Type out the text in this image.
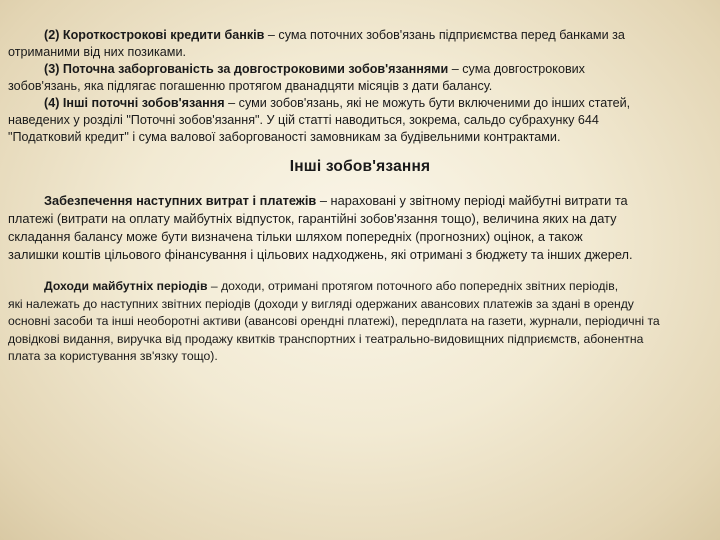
(2) Короткострокові кредити банків – сума поточних зобов'язань підприємства перед банками за

отриманими від них позиками.

(3) Поточна заборгованість за довгостроковими зобов'язаннями – сума довгострокових

зобов'язань, яка підлягає погашенню протягом дванадцяти місяців з дати балансу.

(4) Інші поточні зобов'язання – суми зобов'язань, які не можуть бути включеними до інших статей,

наведених у розділі "Поточні зобов'язання". У цій статті наводиться, зокрема, сальдо субрахунку 644

"Податковий кредит" і сума валової заборгованості замовникам за будівельними контрактами.

Інші зобов'язання

Забезпечення наступних витрат і платежів – нараховані у звітному періоді майбутні витрати та

платежі (витрати на оплату майбутніх відпусток, гарантійні зобов'язання тощо), величина яких на дату

складання балансу може бути визначена тільки шляхом попередніх (прогнозних) оцінок, а також

залишки коштів цільового фінансування і цільових надходжень, які отримані з бюджету та інших джерел.

Доходи майбутніх періодів – доходи, отримані протягом поточного або попередніх звітних періодів,

які належать до наступних звітних періодів (доходи у вигляді одержаних авансових платежів за здані в оренду

основні засоби та інші необоротні активи (авансові орендні платежі), передплата на газети, журнали, періодичні та

довідкові видання, виручка від продажу квитків транспортних і театрально-видовищних підприємств, абонентна

плата за користування зв'язку тощо).
